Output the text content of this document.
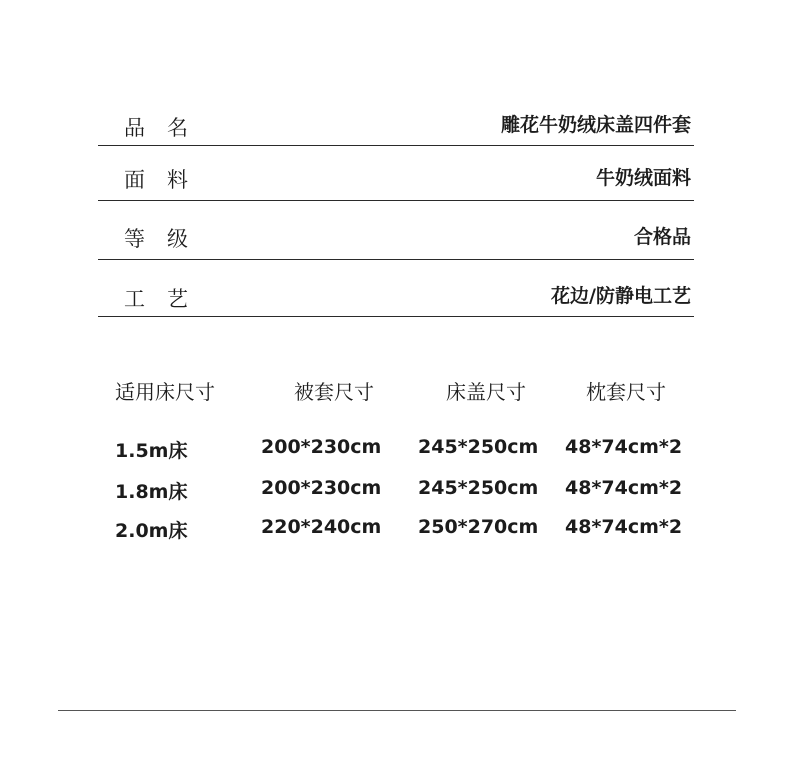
品名	雕花牛奶绒床盖四件套
面料	牛奶绒面料
等级	合格品
工艺	花边/防静电工艺
适用床尺寸	被套尺寸	床盖尺寸	枕套尺寸
1.5m床	200*230cm 245*250cm 48*74cm*2
1.8m床	200*230cm 245*250cm 48*74cm*2
2.0m床	220*240cm 250*270cm 48*74cm*2
